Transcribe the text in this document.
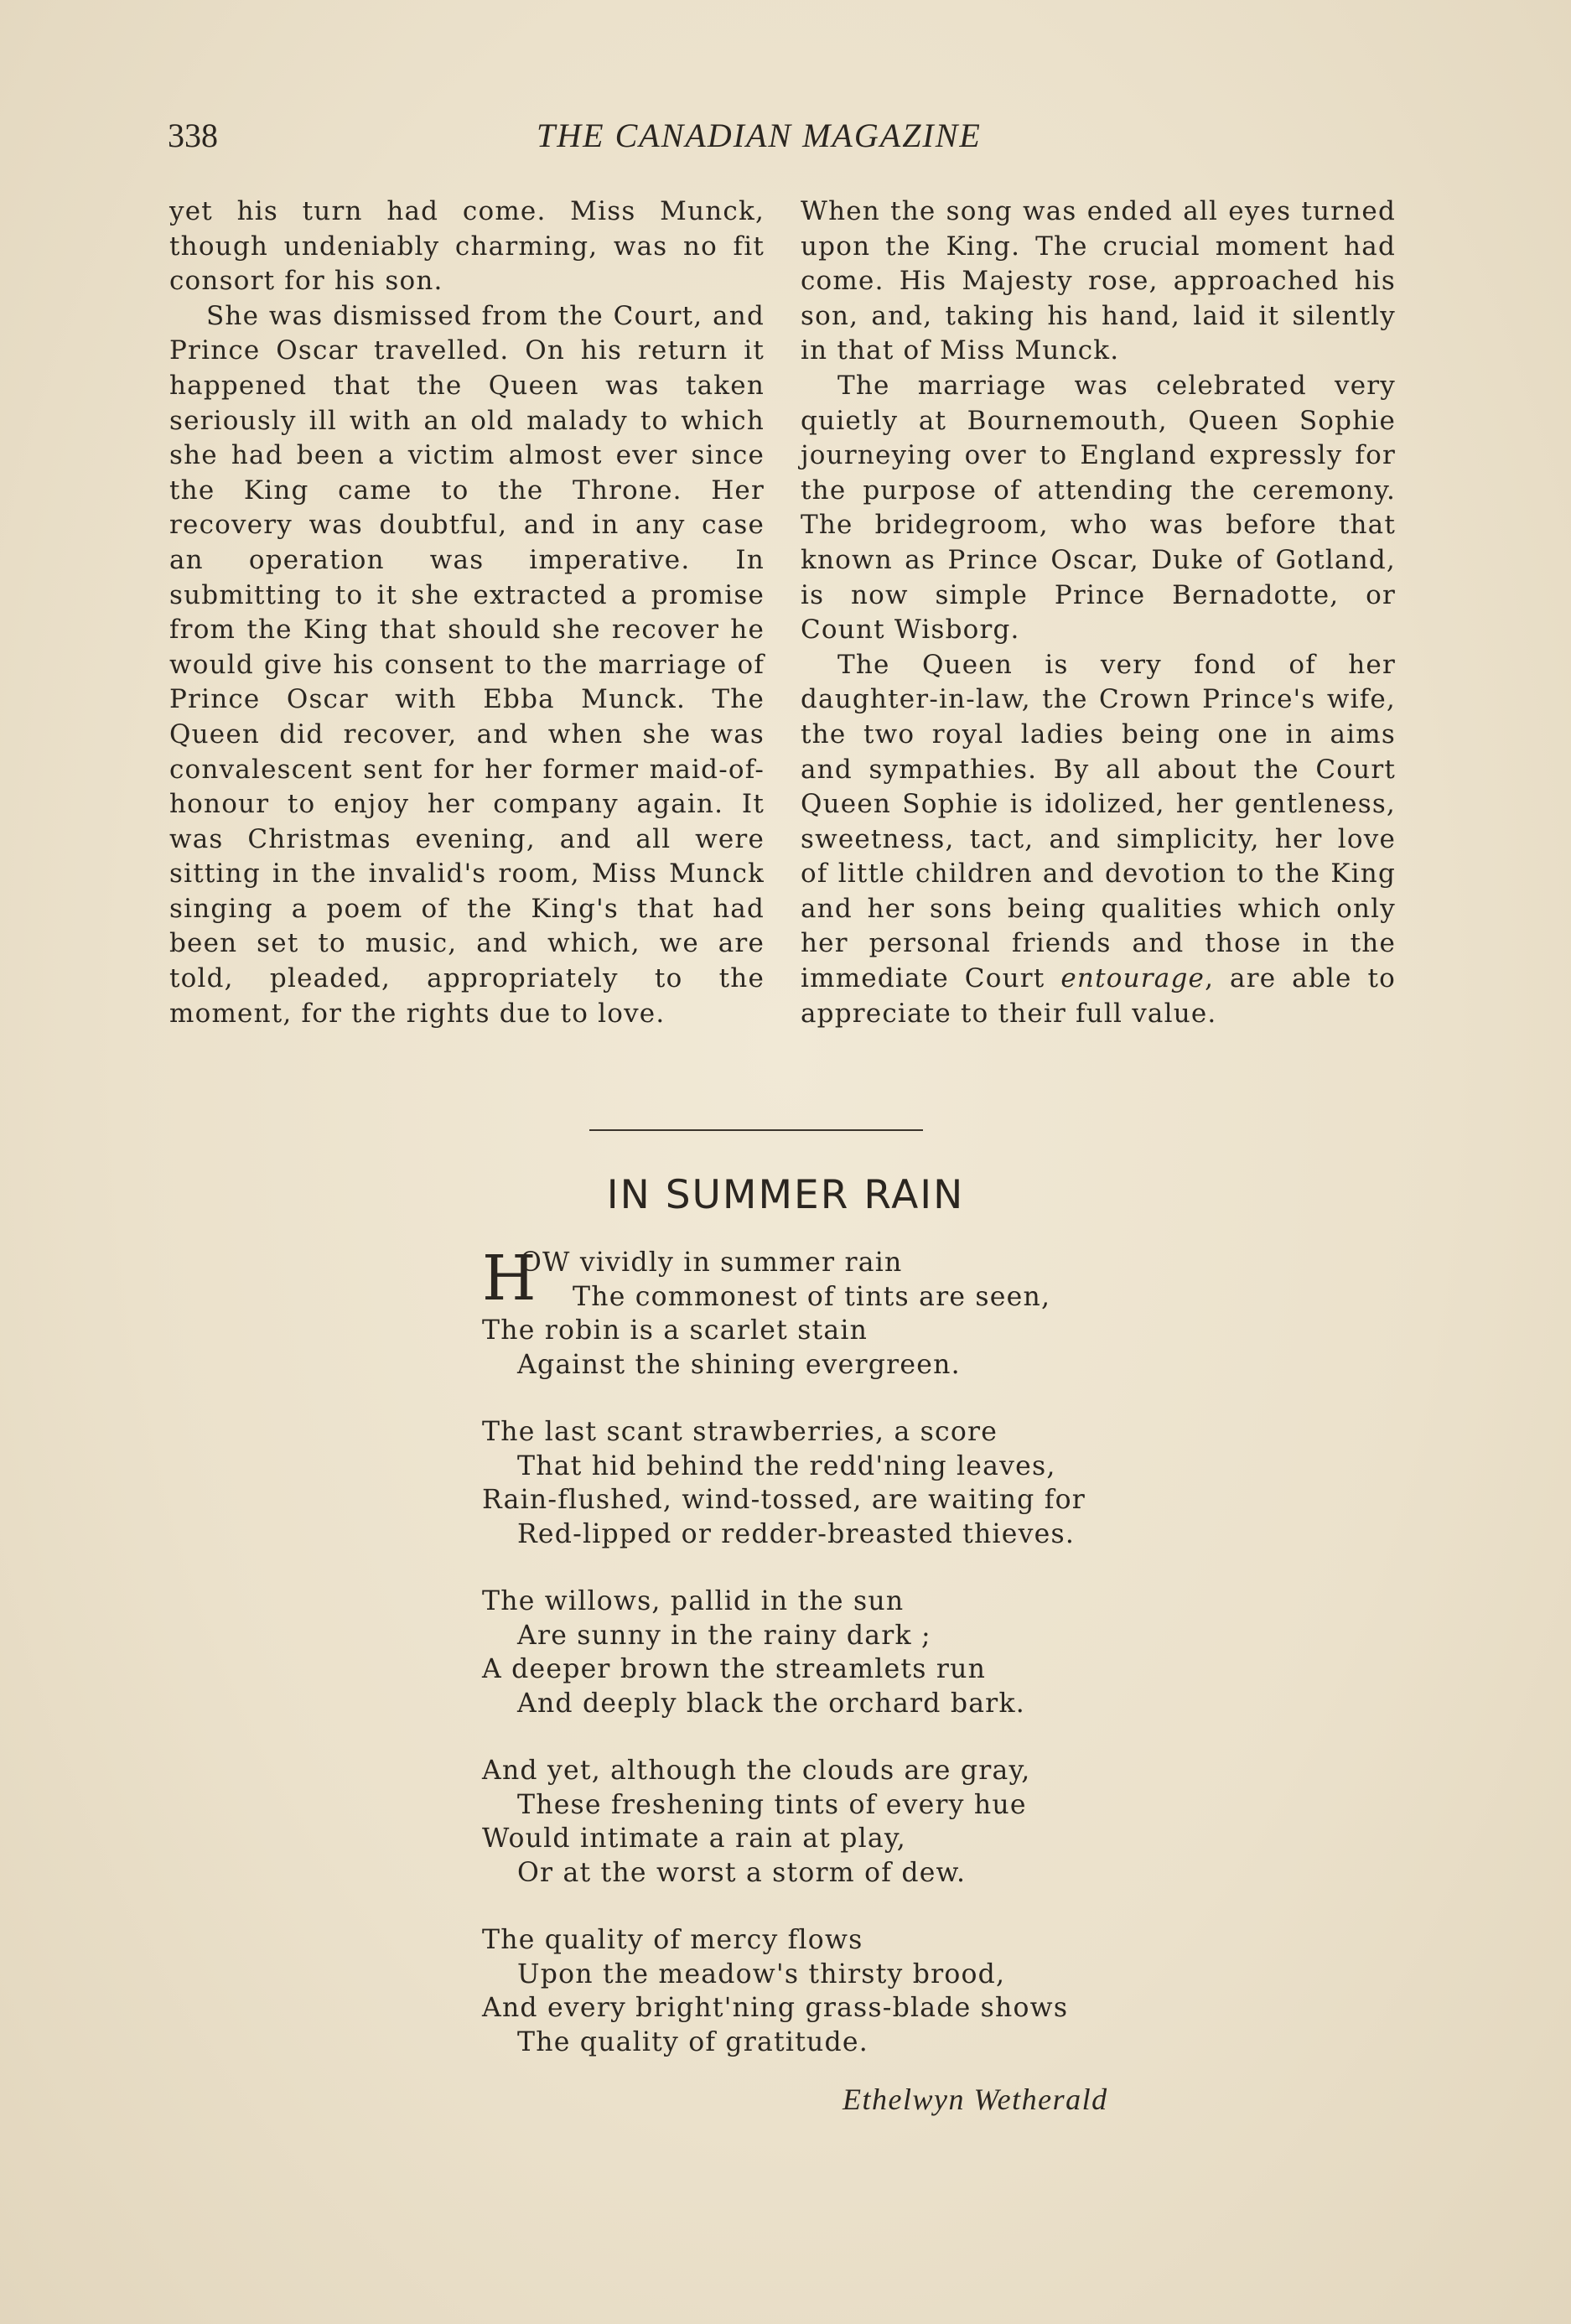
338	THE CANADIAN MAGAZINE

yet his turn had come. Miss Munck, though undeniably charming, was no fit consort for his son.

She was dismissed from the Court, and Prince Oscar travelled. On his return it happened that the Queen was taken seriously ill with an old malady to which she had been a victim almost ever since the King came to the Throne. Her recovery was doubtful, and in any case an operation was imperative. In submitting to it she extracted a promise from the King that should she recover he would give his consent to the marriage of Prince Oscar with Ebba Munck. The Queen did recover, and when she was convalescent sent for her former maid-of-honour to enjoy her company again. It was Christmas evening, and all were sitting in the invalid's room, Miss Munck singing a poem of the King's that had been set to music, and which, we are told, pleaded, appropriately to the moment, for the rights due to love.

When the song was ended all eyes turned upon the King. The crucial moment had come. His Majesty rose, approached his son, and, taking his hand, laid it silently in that of Miss Munck.

The marriage was celebrated very quietly at Bournemouth, Queen Sophie journeying over to England expressly for the purpose of attending the ceremony. The bridegroom, who was before that known as Prince Oscar, Duke of Gotland, is now simple Prince Bernadotte, or Count Wisborg.

The Queen is very fond of her daughter-in-law, the Crown Prince's wife, the two royal ladies being one in aims and sympathies. By all about the Court Queen Sophie is idolized, her gentleness, sweetness, tact, and simplicity, her love of little children and devotion to the King and her sons being qualities which only her personal friends and those in the immediate Court entourage, are able to appreciate to their full value.

IN SUMMER RAIN
H
OW vividly in summer rain
The commonest of tints are seen,
The robin is a scarlet stain
Against the shining evergreen.
The last scant strawberries, a score
That hid behind the redd'ning leaves,
Rain-flushed, wind-tossed, are waiting for
Red-lipped or redder-breasted thieves.
The willows, pallid in the sun
Are sunny in the rainy dark ;
A deeper brown the streamlets run
And deeply black the orchard bark.
And yet, although the clouds are gray,
These freshening tints of every hue
Would intimate a rain at play,
Or at the worst a storm of dew.
The quality of mercy flows
Upon the meadow's thirsty brood,
And every bright'ning grass-blade shows
The quality of gratitude.
Ethelwyn Wetherald
